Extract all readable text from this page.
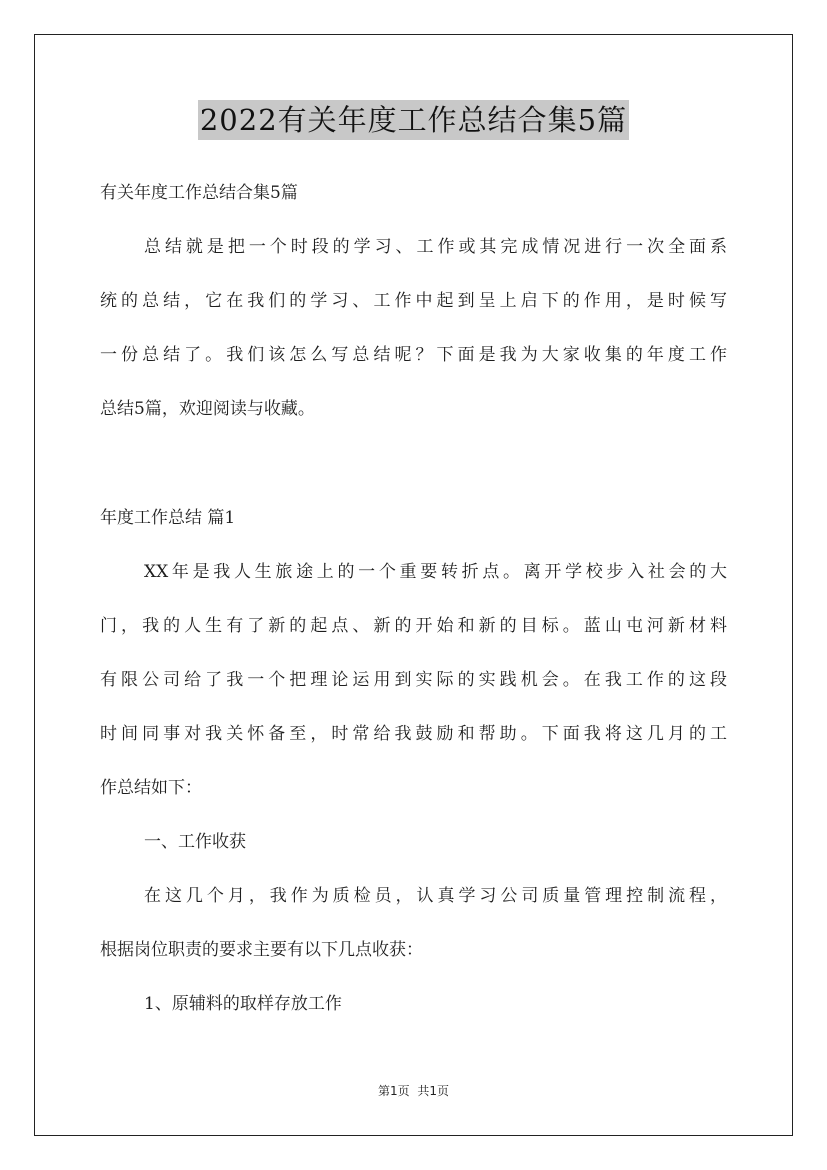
2022有关年度工作总结合集5篇
有关年度工作总结合集5篇
总结就是把一个时段的学习、工作或其完成情况进行一次全面系
统的总结，它在我们的学习、工作中起到呈上启下的作用，是时候写
一份总结了。我们该怎么写总结呢？下面是我为大家收集的年度工作
总结5篇，欢迎阅读与收藏。
年度工作总结 篇1
XX年是我人生旅途上的一个重要转折点。离开学校步入社会的大
门，我的人生有了新的起点、新的开始和新的目标。蓝山屯河新材料
有限公司给了我一个把理论运用到实际的实践机会。在我工作的这段
时间同事对我关怀备至，时常给我鼓励和帮助。下面我将这几月的工
作总结如下：
一、工作收获
在这几个月，我作为质检员，认真学习公司质量管理控制流程，
根据岗位职责的要求主要有以下几点收获：
1、原辅料的取样存放工作
第1页 共1页
